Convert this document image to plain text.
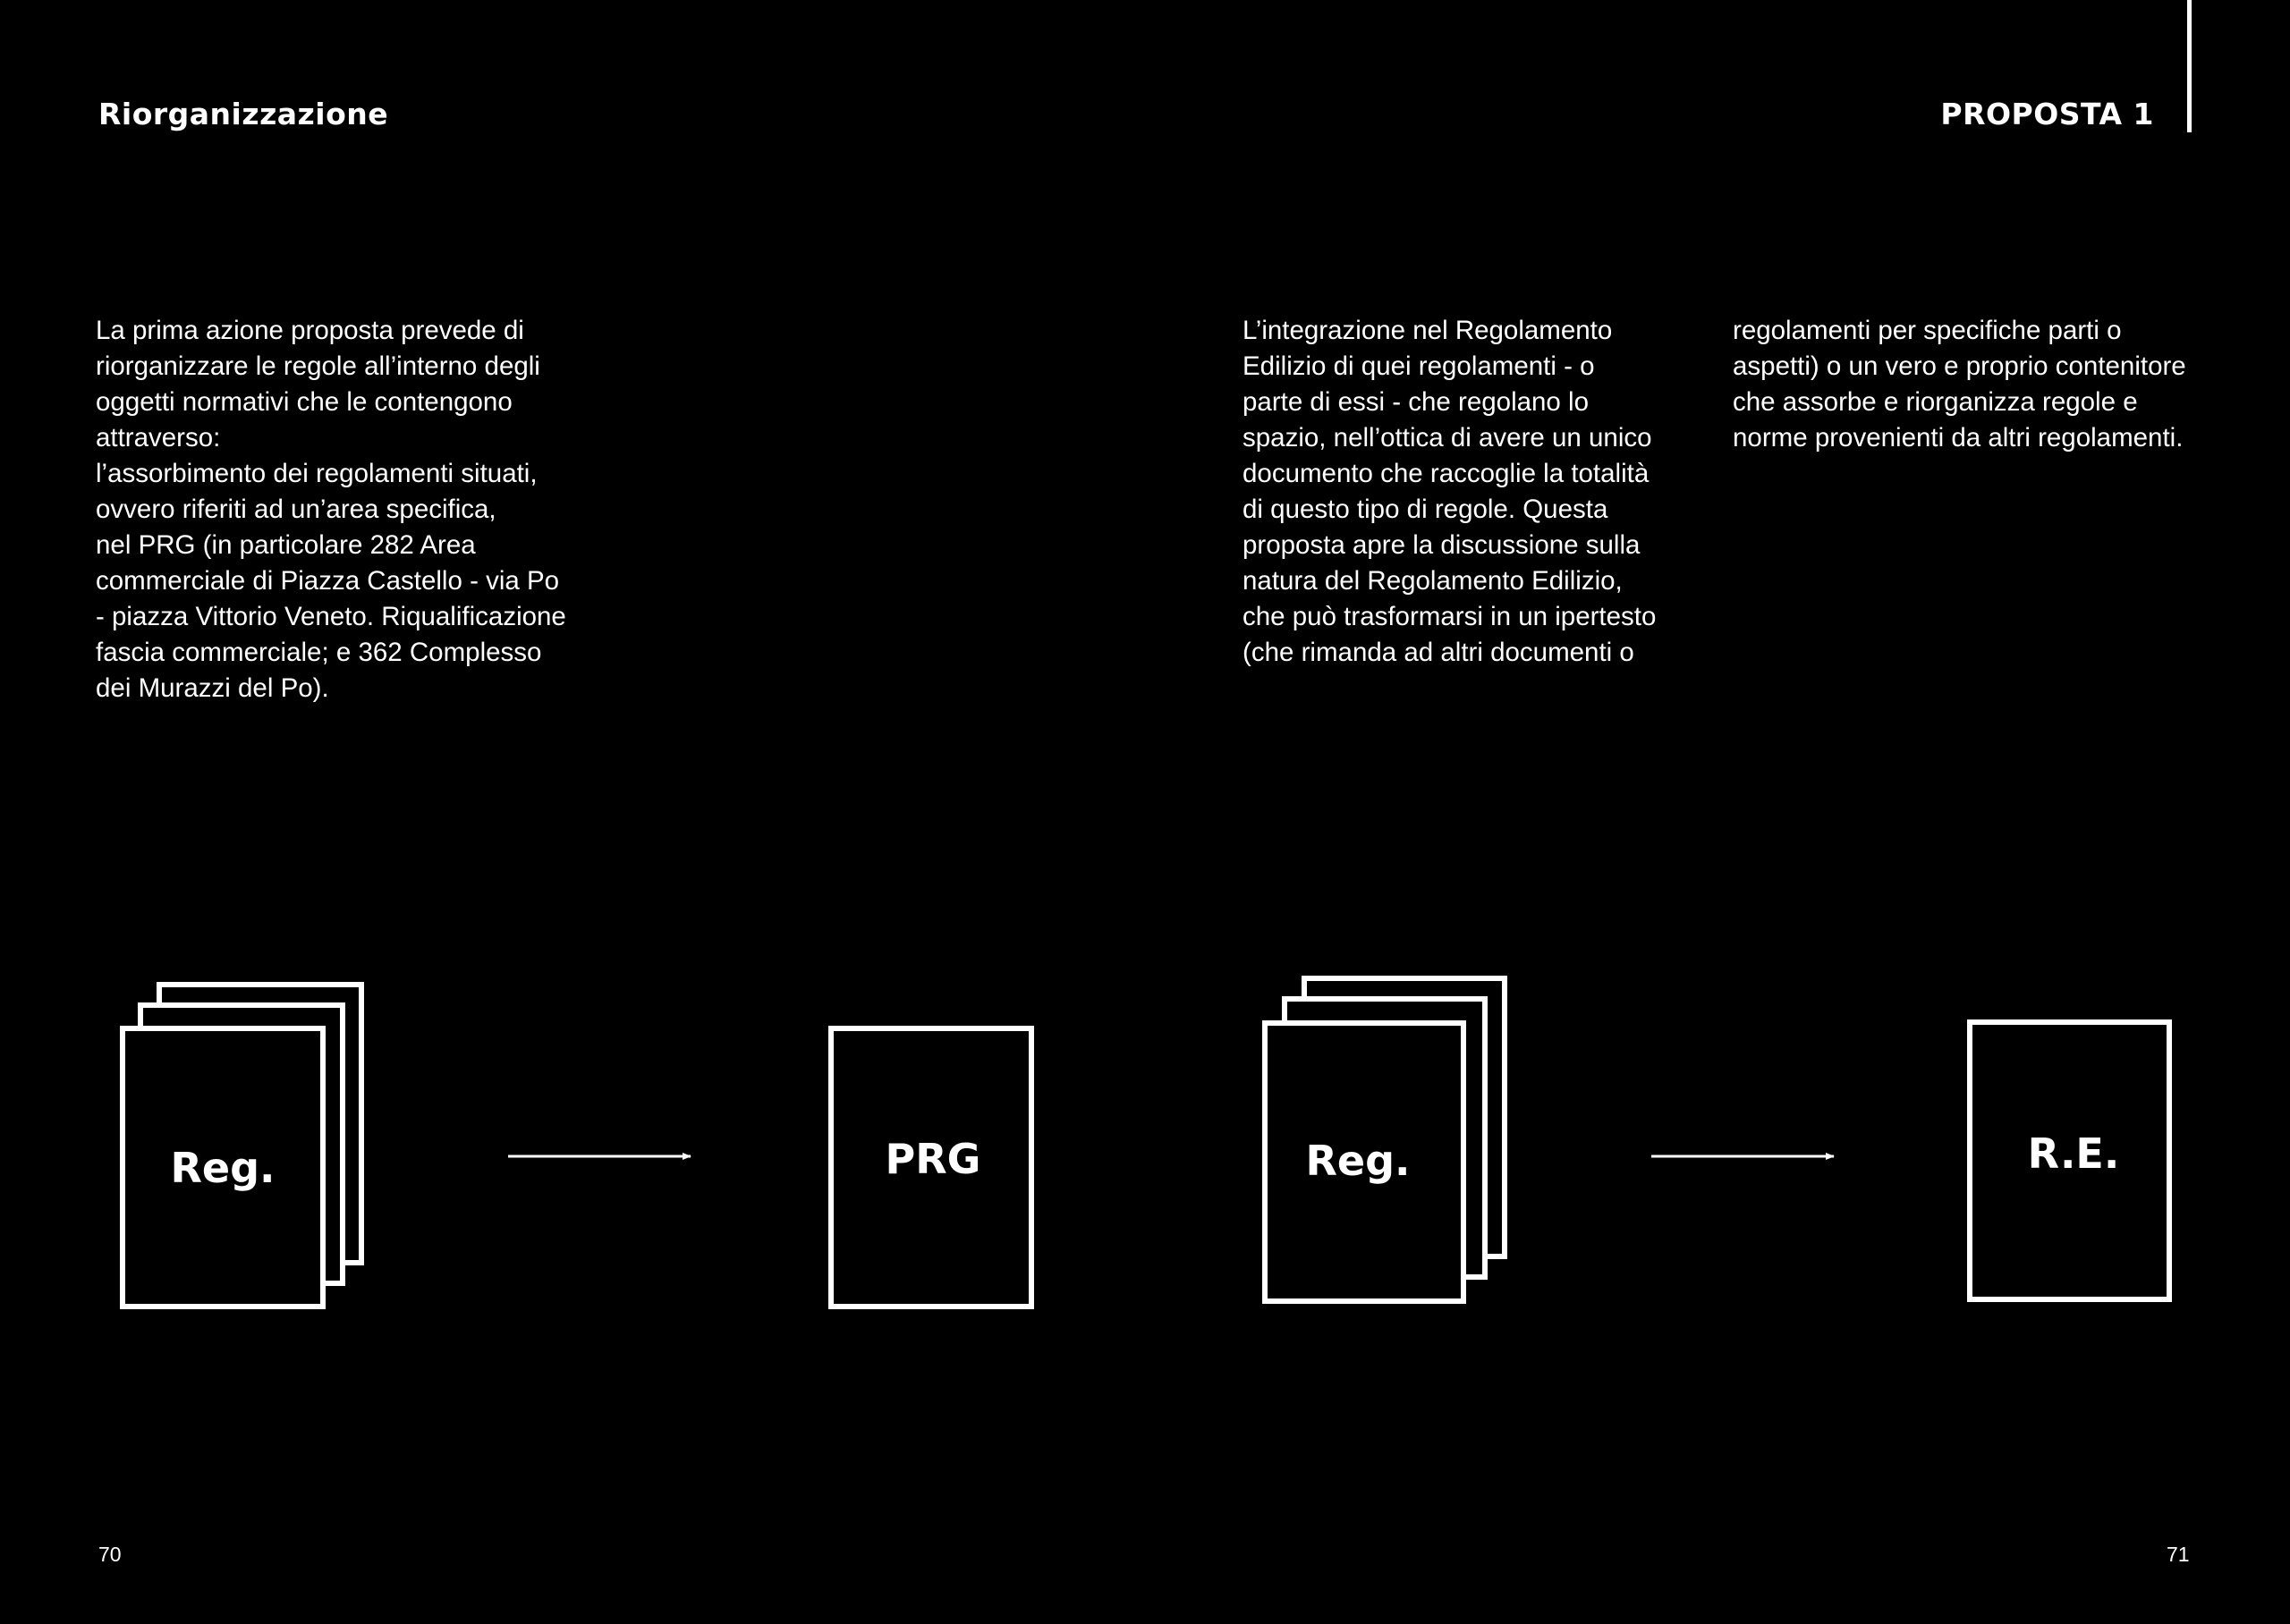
Riorganizzazione

La prima azione proposta prevede di
riorganizzare le regole all’interno degli
oggetti normativi che le contengono
attraverso:
l’assorbimento dei regolamenti situati,
ovvero riferiti ad un’area specifica,
nel PRG (in particolare 282 Area
commerciale di Piazza Castello - via Po
- piazza Vittorio Veneto. Riqualificazione
fascia commerciale; e 362 Complesso
dei Murazzi del Po).

70
PROPOSTA 1

L’integrazione nel Regolamento
Edilizio di quei regolamenti - o
parte di essi - che regolano lo
spazio, nell’ottica di avere un unico
documento che raccoglie la totalità
di questo tipo di regole. Questa
proposta apre la discussione sulla
natura del Regolamento Edilizio,
che può trasformarsi in un ipertesto
(che rimanda ad altri documenti o

regolamenti per specifiche parti o
aspetti) o un vero e proprio contenitore
che assorbe e riorganizza regole e
norme provenienti da altri regolamenti.

71
Reg.	PRG	Reg.	R.E.
